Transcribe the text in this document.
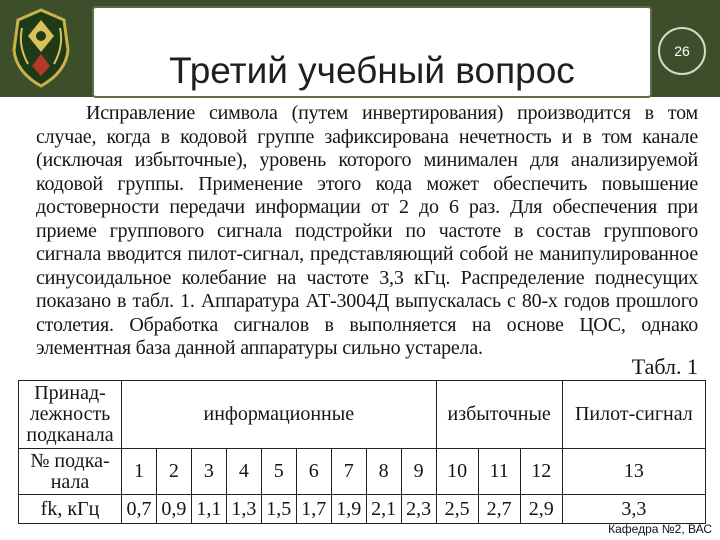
Третий учебный вопрос	26
Исправление символа (путем инвертирования) производится в том случае, когда в кодовой группе зафиксирована нечетность и в том канале (исключая избыточные), уровень которого минимален для анализируемой кодовой группы. Применение этого кода может обеспечить повышение достоверности передачи информации от 2 до 6 раз. Для обеспечения при приеме группового сигнала подстройки по частоте в состав группового сигнала вводится пилот-сигнал, представляющий собой не манипулированное синусоидальное колебание на частоте 3,3 кГц. Распределение поднесущих показано в табл. 1. Аппаратура АТ-3004Д выпускалась с 80-х годов прошлого столетия. Обработка сигналов в выполняется на основе ЦОС, однако элементная база данной аппаратуры сильно устарела.
Табл. 1
Принад-лежность подканала	информационные									избыточные			Пилот-сигнал
№ подка-нала	1	2	3	4	5	6	7	8	9	10	11	12	13
fk, кГц	0,7	0,9	1,1	1,3	1,5	1,7	1,9	2,1	2,3	2,5	2,7	2,9	3,3
Кафедра №2, ВАС
